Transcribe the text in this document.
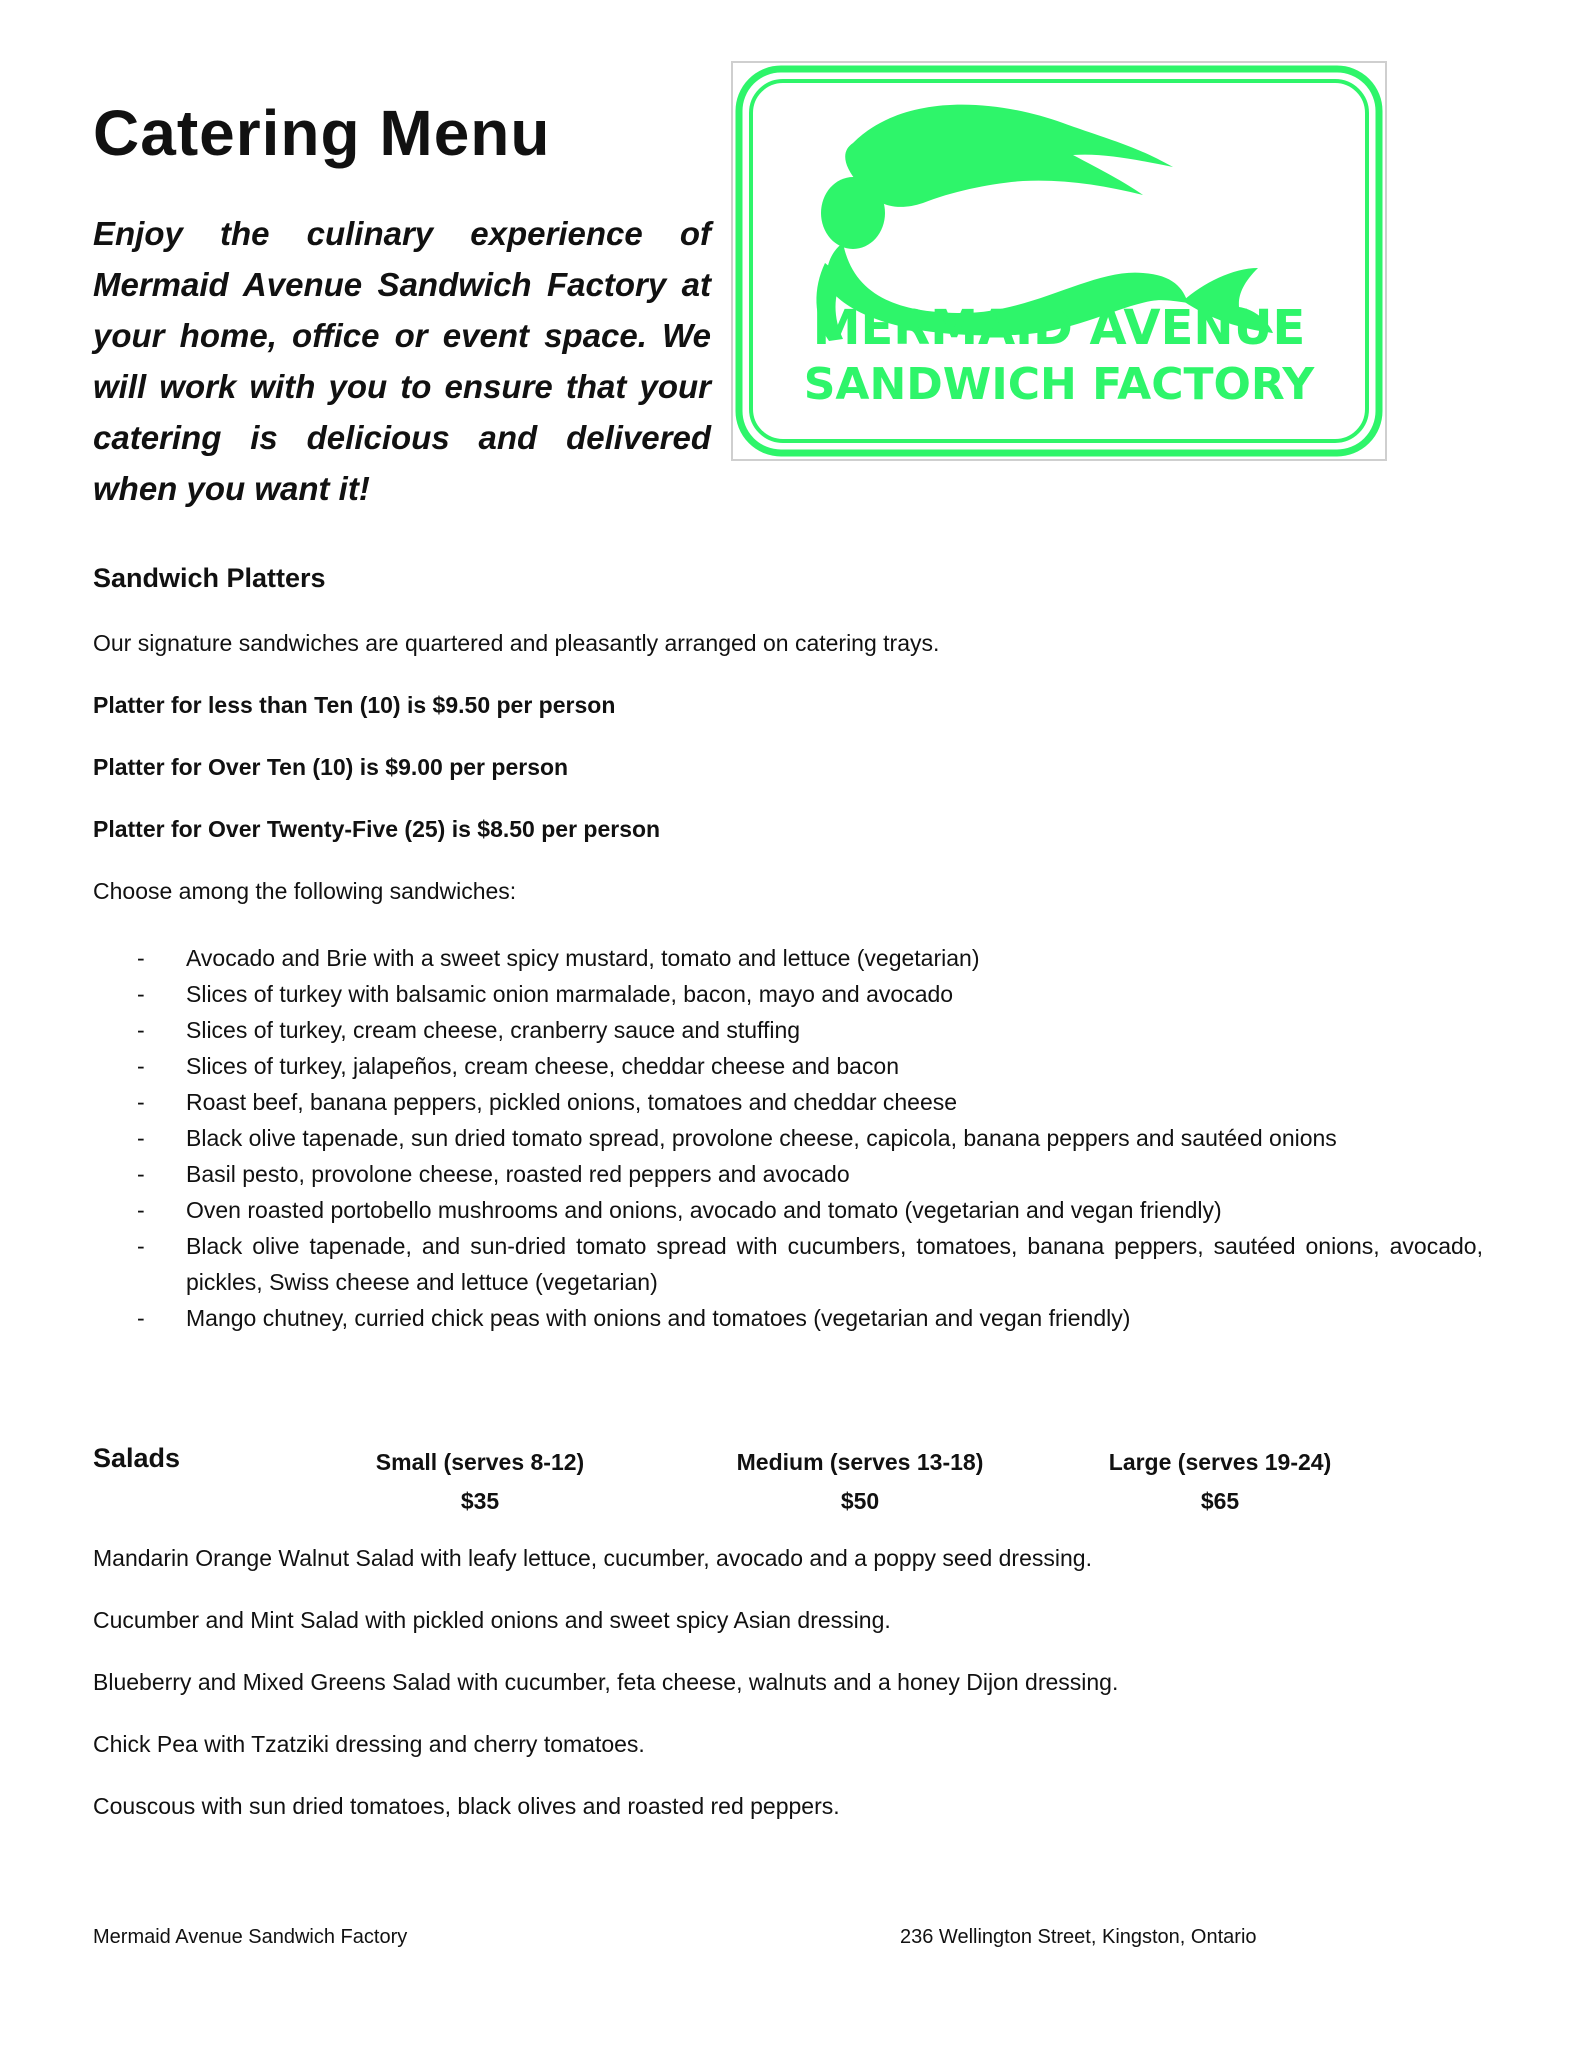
Catering Menu

Enjoy the culinary experience of Mermaid Avenue Sandwich Factory at your home, office or event space. We will work with you to ensure that your catering is delicious and delivered when you want it!

MERMAID AVENUE
SANDWICH FACTORY
Sandwich Platters

Our signature sandwiches are quartered and pleasantly arranged on catering trays.

Platter for less than Ten (10) is $9.50 per person

Platter for Over Ten (10) is $9.00 per person

Platter for Over Twenty-Five (25) is $8.50 per person

Choose among the following sandwiches:

- Avocado and Brie with a sweet spicy mustard, tomato and lettuce (vegetarian)
- Slices of turkey with balsamic onion marmalade, bacon, mayo and avocado
- Slices of turkey, cream cheese, cranberry sauce and stuffing
- Slices of turkey, jalapeños, cream cheese, cheddar cheese and bacon
- Roast beef, banana peppers, pickled onions, tomatoes and cheddar cheese
- Black olive tapenade, sun dried tomato spread, provolone cheese, capicola, banana peppers and sautéed onions
- Basil pesto, provolone cheese, roasted red peppers and avocado
- Oven roasted portobello mushrooms and onions, avocado and tomato (vegetarian and vegan friendly)
- Black olive tapenade, and sun-dried tomato spread with cucumbers, tomatoes, banana peppers, sautéed onions, avocado, pickles, Swiss cheese and lettuce (vegetarian)
- Mango chutney, curried chick peas with onions and tomatoes (vegetarian and vegan friendly)
Salads	Small (serves 8-12)
$35
Medium (serves 13-18)
$50
Large (serves 19-24)
$65

Mandarin Orange Walnut Salad with leafy lettuce, cucumber, avocado and a poppy seed dressing.

Cucumber and Mint Salad with pickled onions and sweet spicy Asian dressing.

Blueberry and Mixed Greens Salad with cucumber, feta cheese, walnuts and a honey Dijon dressing.

Chick Pea with Tzatziki dressing and cherry tomatoes.

Couscous with sun dried tomatoes, black olives and roasted red peppers.

Mermaid Avenue Sandwich Factory	236 Wellington Street, Kingston, Ontario
